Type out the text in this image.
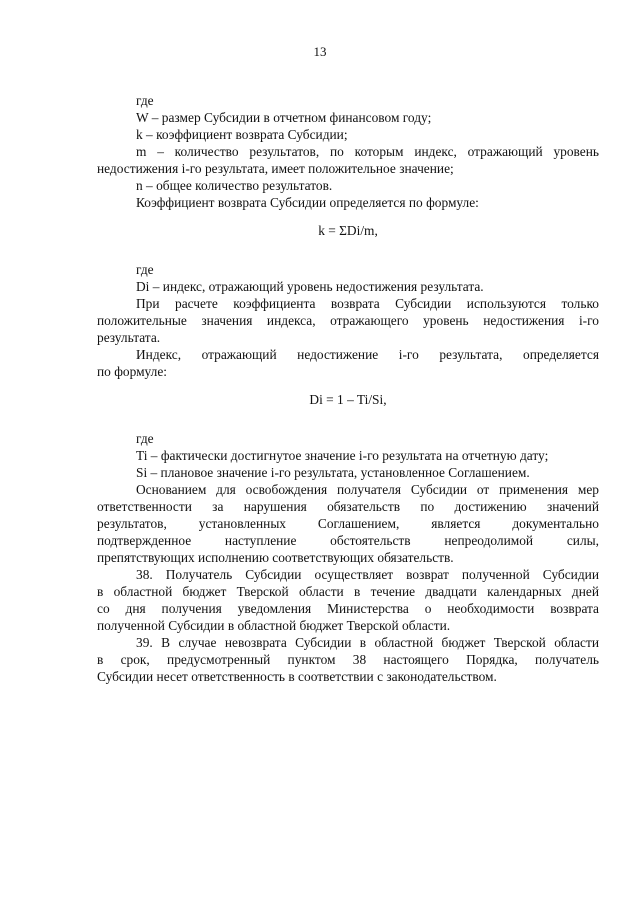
13
где
W – размер Субсидии в отчетном финансовом году;
k – коэффициент возврата Субсидии;
m – количество результатов, по которым индекс, отражающий уровень
недостижения i-го результата, имеет положительное значение;
n – общее количество результатов.
Коэффициент возврата Субсидии определяется по формуле:
k = ΣDi/m,
где
Di – индекс, отражающий уровень недостижения результата.
При расчете коэффициента возврата Субсидии используются только
положительные значения индекса, отражающего уровень недостижения i-го
результата.
Индекс, отражающий недостижение i-го результата, определяется
по формуле:
Di = 1 – Ti/Si,
где
Ti – фактически достигнутое значение i-го результата на отчетную дату;
Si – плановое значение i-го результата, установленное Соглашением.
Основанием для освобождения получателя Субсидии от применения мер
ответственности за нарушения обязательств по достижению значений
результатов, установленных Соглашением, является документально
подтвержденное наступление обстоятельств непреодолимой силы,
препятствующих исполнению соответствующих обязательств.
38. Получатель Субсидии осуществляет возврат полученной Субсидии
в областной бюджет Тверской области в течение двадцати календарных дней
со дня получения уведомления Министерства о необходимости возврата
полученной Субсидии в областной бюджет Тверской области.
39. В случае невозврата Субсидии в областной бюджет Тверской области
в срок, предусмотренный пунктом 38 настоящего Порядка, получатель
Субсидии несет ответственность в соответствии с законодательством.
